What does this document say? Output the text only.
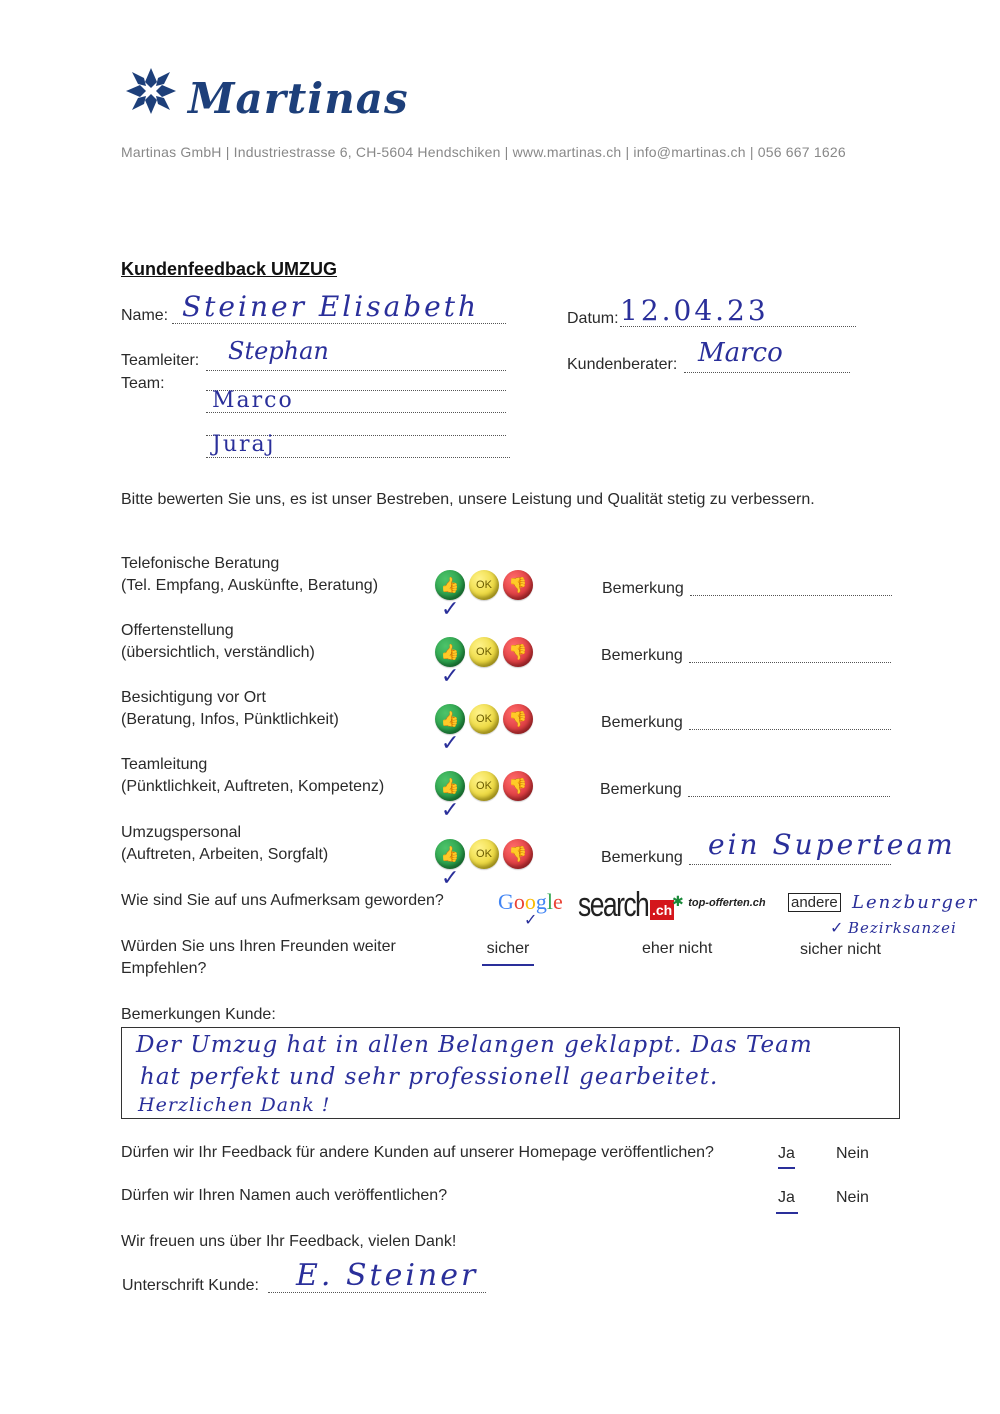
Martinas
Martinas GmbH | Industriestrasse 6, CH-5604 Hendschiken | www.martinas.ch | info@martinas.ch | 056 667 1626
Kundenfeedback UMZUG
Name: Steiner Elisabeth	Datum: 12.04.23
Teamleiter: Stephan	Kundenberater: Marco
Team:
Marco
Juraj
Bitte bewerten Sie uns, es ist unser Bestreben, unsere Leistung und Qualität stetig zu verbessern.
Telefonische Beratung
(Tel. Empfang, Auskünfte, Beratung)	👍 OK 👎
✓
Bemerkung
Offertenstellung
(übersichtlich, verständlich)	👍 OK 👎
✓
Bemerkung
Besichtigung vor Ort
(Beratung, Infos, Pünktlichkeit)	👍 OK 👎
✓
Bemerkung
Teamleitung
(Pünktlichkeit, Auftreten, Kompetenz)	👍 OK 👎
✓
Bemerkung
Umzugspersonal
(Auftreten, Arbeiten, Sorgfalt)	👍 OK 👎
✓
Bemerkung ein Superteam
Wie sind Sie auf uns Aufmerksam geworden? Google
✓ search .ch
✱ top-offerten.ch andere Lenzburger
✓ Bezirksanzei
Würden Sie uns Ihren Freunden weiter
Empfehlen?
sicher	eher nicht	sicher nicht
Bemerkungen Kunde:
Der Umzug hat in allen Belangen geklappt. Das Team
hat perfekt und sehr professionell gearbeitet.
Herzlichen Dank !
Dürfen wir Ihr Feedback für andere Kunden auf unserer Homepage veröffentlichen?	Ja	Nein
Dürfen wir Ihren Namen auch veröffentlichen?	Ja	Nein
Wir freuen uns über Ihr Feedback, vielen Dank!
Unterschrift Kunde: E. Steiner
